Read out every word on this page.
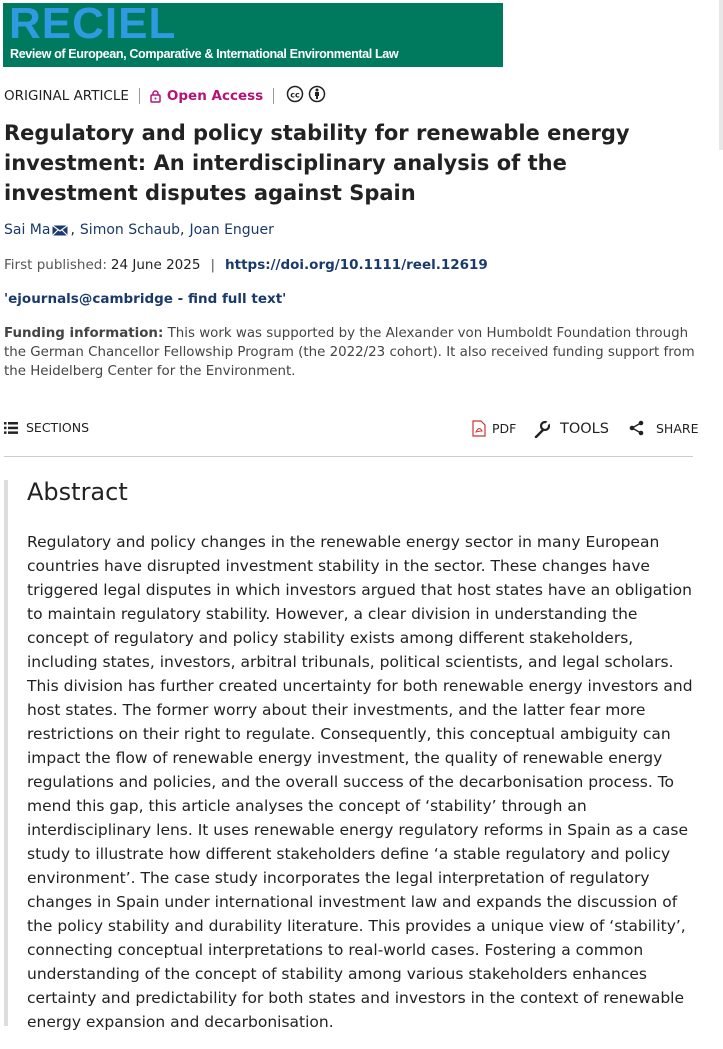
RECIEL
Review of European, Comparative & International Environmental Law
ORIGINAL ARTICLE	Open Access	cc
Regulatory and policy stability for renewable energy investment: An interdisciplinary analysis of the investment disputes against Spain
Sai Ma , Simon Schaub , Joan Enguer
First published: 24 June 2025 | https://doi.org/10.1111/reel.12619
'ejournals@cambridge - find full text'
Funding information: This work was supported by the Alexander von Humboldt Foundation through the German Chancellor Fellowship Program (the 2022/23 cohort). It also received funding support from the Heidelberg Center for the Environment.
SECTIONS	PDF	TOOLS	SHARE
Abstract

Regulatory and policy changes in the renewable energy sector in many European countries have disrupted investment stability in the sector. These changes have triggered legal disputes in which investors argued that host states have an obligation to maintain regulatory stability. However, a clear division in understanding the concept of regulatory and policy stability exists among different stakeholders, including states, investors, arbitral tribunals, political scientists, and legal scholars. This division has further created uncertainty for both renewable energy investors and host states. The former worry about their investments, and the latter fear more restrictions on their right to regulate. Consequently, this conceptual ambiguity can impact the flow of renewable energy investment, the quality of renewable energy regulations and policies, and the overall success of the decarbonisation process. To mend this gap, this article analyses the concept of ‘stability’ through an interdisciplinary lens. It uses renewable energy regulatory reforms in Spain as a case study to illustrate how different stakeholders define ‘a stable regulatory and policy environment’. The case study incorporates the legal interpretation of regulatory changes in Spain under international investment law and expands the discussion of the policy stability and durability literature. This provides a unique view of ‘stability’, connecting conceptual interpretations to real-world cases. Fostering a common understanding of the concept of stability among various stakeholders enhances certainty and predictability for both states and investors in the context of renewable energy expansion and decarbonisation.
